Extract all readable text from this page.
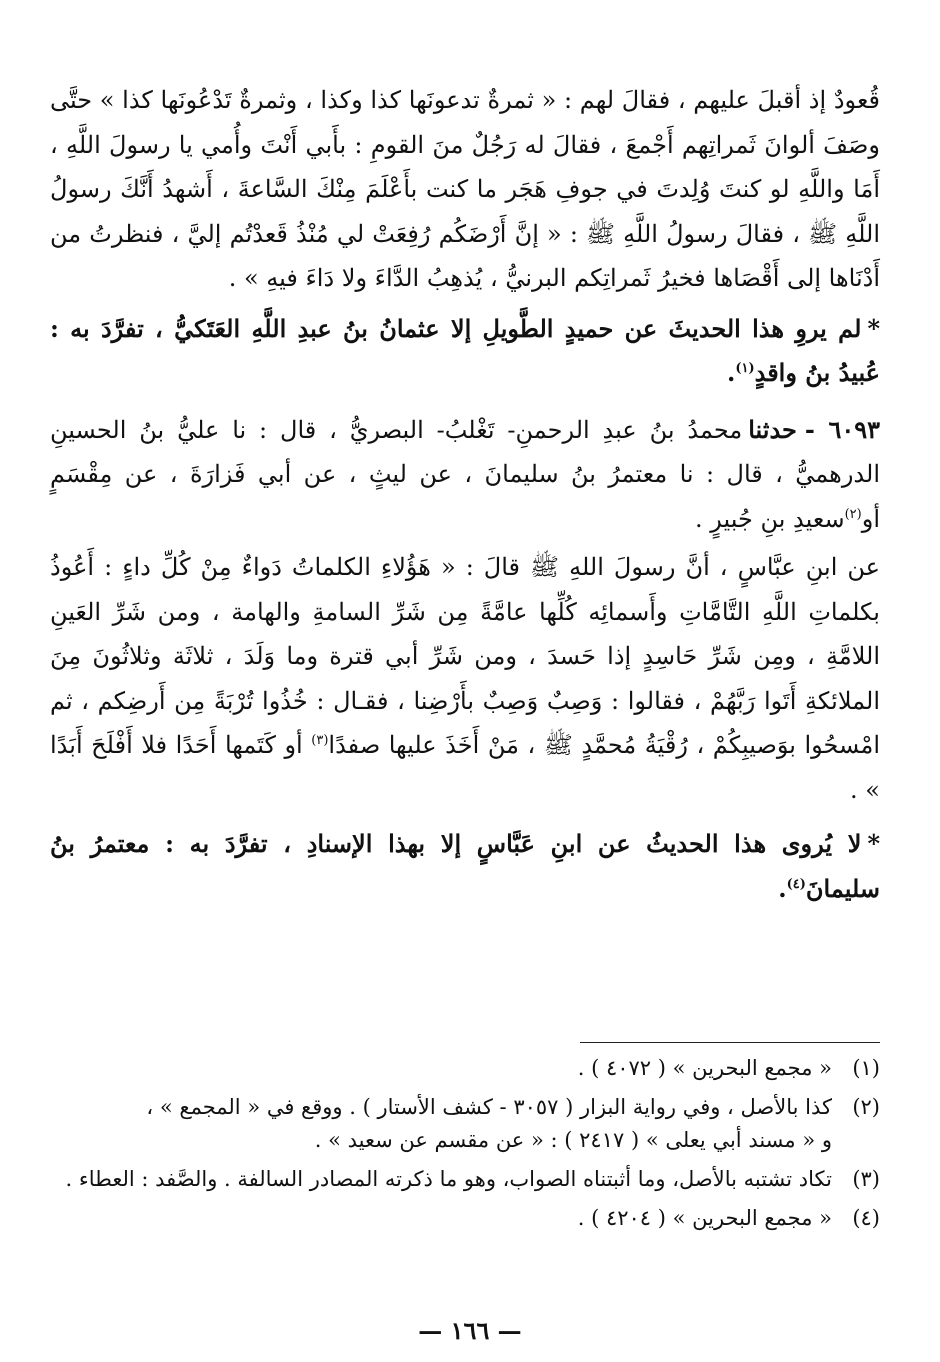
قُعودٌ إذ أقبلَ عليهم ، فقالَ لهم : « ثمرةٌ تدعونَها كذا وكذا ، وثمرةٌ تَدْعُونَها كذا » حتَّى وصَفَ ألوانَ ثَمراتِهم أَجْمعَ ، فقالَ له رَجُلٌ منَ القومِ : بأَبي أَنْتَ وأُمي يا رسولَ اللَّهِ ، أَمَا واللَّهِ لو كنتَ وُلِدتَ في جوفِ هَجَر ما كنت بأَعْلَمَ مِنْكَ السَّاعةَ ، أَشهدُ أَنَّكَ رسولُ اللَّهِ ﷺ ، فقالَ رسولُ اللَّهِ ﷺ : « إنَّ أَرْضَكُم رُفِعَتْ لي مُنْذُ قَعدْتُم إليَّ ، فنظرتُ من أَدْنَاها إلى أَقْصَاها فخيرُ ثَمراتِكم البرنيُّ ، يُذهِبُ الدَّاءَ ولا دَاءَ فيهِ » .

*لم يروِ هذا الحديثَ عن حميدٍ الطَّويلِ إلا عثمانُ بنُ عبدِ اللَّهِ العَتَكيُّ ، تفرَّدَ به : عُبيدُ بنُ واقدٍ$^{(١)}$.

٦٠٩٣ -حدثنامحمدُ بنُ عبدِ الرحمنِ- تَغْلبُ- البصريُّ ، قال : نا عليُّ بنُ الحسينِ الدرهميُّ ، قال : نا معتمرُ بنُ سليمانَ ، عن ليثٍ ، عن أبي فَزارَةَ ، عن مِقْسَمٍ أو$^{(٢)}$سعيدِ بنِ جُبيرٍ .

عن ابنِ عبَّاسٍ ، أنَّ رسولَ اللهِ ﷺ قالَ : « هَؤُلاءِ الكلماتُ دَواءٌ مِنْ كُلِّ داءٍ : أَعُوذُ بكلماتِ اللَّهِ التَّامَّاتِ وأَسمائِه كُلِّها عامَّةً مِن شَرِّ السامةِ والهامة ، ومن شَرِّ العَينِ اللامَّةِ ، ومِن شَرِّ حَاسِدٍ إذا حَسدَ ، ومن شَرِّ أبي قترة وما وَلَدَ ، ثلاثَة وثلاثُونَ مِنَ الملائكةِ أَتَوا رَبَّهُمْ ، فقالوا : وَصِبٌ وَصِبٌ بأَرْضِنا ، فقـال : خُذُوا تُرْبَةً مِن أَرضِكم ، ثم امْسحُوا بوَصيبِكُمْ ، رُقْيَةُ مُحمَّدٍ ﷺ ، مَنْ أَخَذَ عليها صفدًا$^{(٣)}$ أو كَتَمها أَحَدًا فلا أَفْلَحَ أَبَدًا » .

*لا يُروى هذا الحديثُ عن ابنِ عَبَّاسٍ إلا بهذا الإسنادِ ، تفرَّدَ به : معتمرُ بنُ سليمانَ$^{(٤)}$.

(١)
« مجمع البحرين » ( ٤٠٧٢ ) .
(٢)
كذا بالأصل ، وفي رواية البزار ( ٣٠٥٧ - كشف الأستار ) . ووقع في « المجمع » ،
و « مسند أبي يعلى » ( ٢٤١٧ ) : « عن مقسم عن سعيد » .
(٣)
تكاد تشتبه بالأصل، وما أثبتناه الصواب، وهو ما ذكرته المصادر السالفة . والصَّفد : العطاء .
(٤)
« مجمع البحرين » ( ٤٢٠٤ ) .
— ١٦٦ —
